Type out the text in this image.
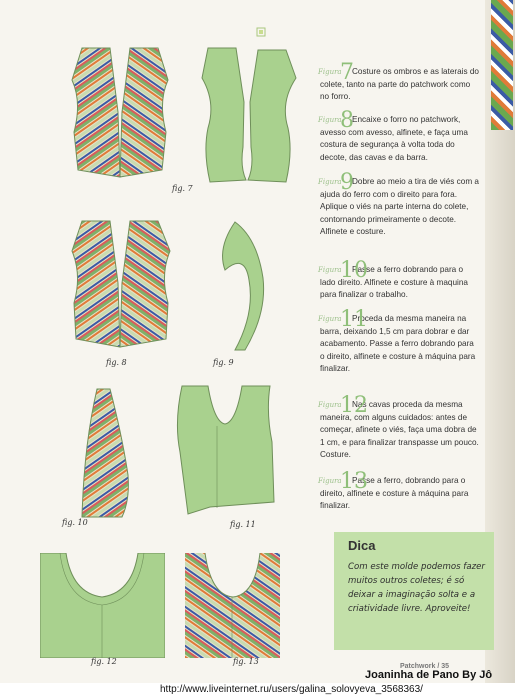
fig. 7
fig. 8	fig. 9
fig. 10	fig. 11
fig. 12	fig. 13
Figura
7

Costure os ombros e as laterais do colete, tanto na parte do patchwork como no forro.

Figura
8

Encaixe o forro no patchwork, avesso com avesso, alfinete, e faça uma costura de segurança à volta toda do decote, das cavas e da barra.

Figura
9

Dobre ao meio a tira de viés com a ajuda do ferro com o direito para fora. Aplique o viés na parte interna do colete, contornando primeiramente o decote. Alfinete e costure.

Figura
10

Passe a ferro dobrando para o lado direito. Alfinete e costure à maquina para finalizar o trabalho.

Figura
11

Proceda da mesma maneira na barra, deixando 1,5 cm para dobrar e dar acabamento. Passe a ferro dobrando para o direito, alfinete e costure à máquina para finalizar.

Figura
12

Nas cavas proceda da mesma maneira, com alguns cuidados: antes de começar, afinete o viés, faça uma dobra de 1 cm, e para finalizar transpasse um pouco. Costure.

Figura
13

Passe a ferro, dobrando para o direito, alfinete e costure à máquina para finalizar.

Dica

Com este molde podemos fazer muitos outros coletes; é só deixar a imaginação solta e a criatividade livre. Aproveite!

Patchwork / 35
Joaninha de Pano By Jô
http://www.liveinternet.ru/users/galina_solovyeva_3568363/
